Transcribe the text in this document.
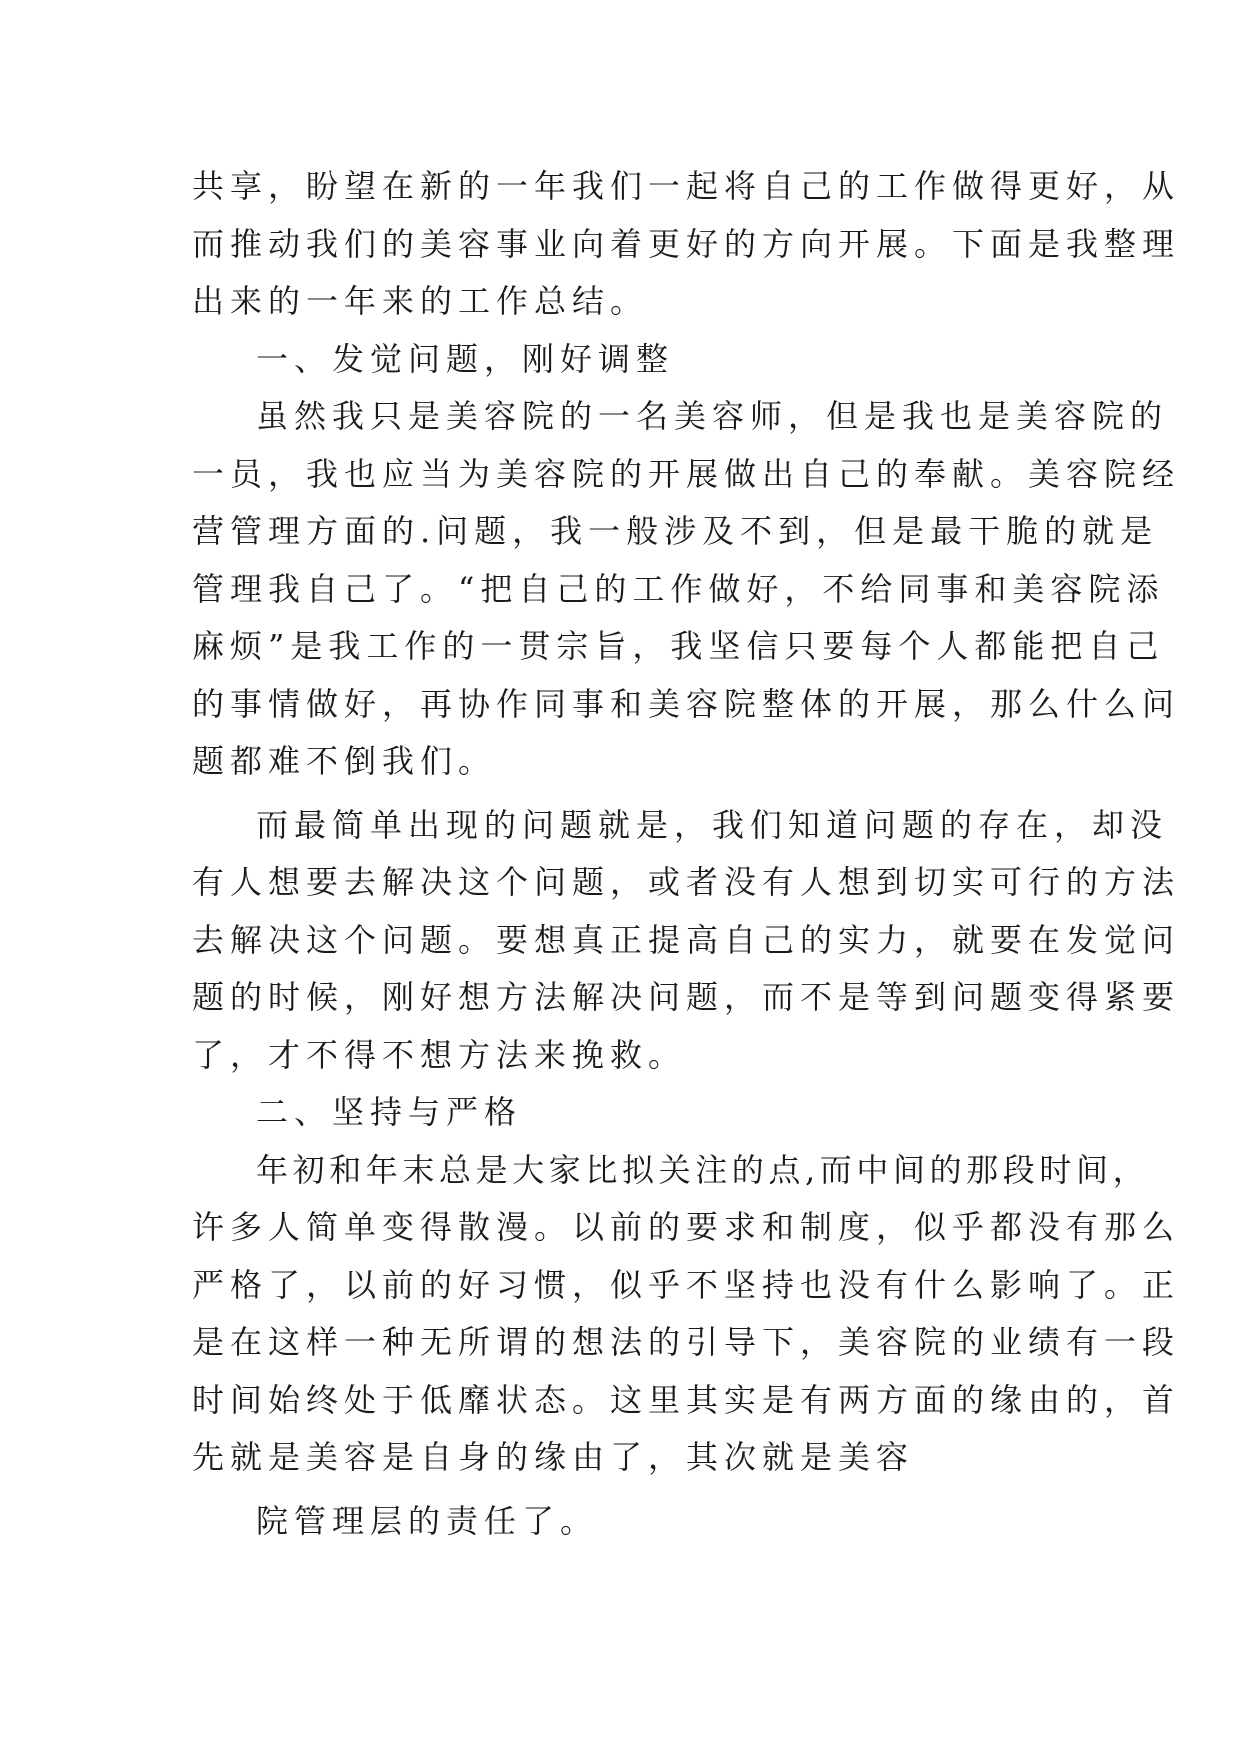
共享，盼望在新的一年我们一起将自己的工作做得更好，从
而推动我们的美容事业向着更好的方向开展。下面是我整理
出来的一年来的工作总结。
一、发觉问题，刚好调整
虽然我只是美容院的一名美容师，但是我也是美容院的
一员，我也应当为美容院的开展做出自己的奉献。美容院经
营管理方面的.问题，我一般涉及不到，但是最干脆的就是
管理我自己了。“把自己的工作做好，不给同事和美容院添
麻烦”是我工作的一贯宗旨，我坚信只要每个人都能把自己
的事情做好，再协作同事和美容院整体的开展，那么什么问
题都难不倒我们。
而最简单出现的问题就是，我们知道问题的存在，却没
有人想要去解决这个问题，或者没有人想到切实可行的方法
去解决这个问题。要想真正提高自己的实力，就要在发觉问
题的时候，刚好想方法解决问题，而不是等到问题变得紧要
了，才不得不想方法来挽救。
二、坚持与严格
年初和年末总是大家比拟关注的点,而中间的那段时间，
许多人简单变得散漫。以前的要求和制度，似乎都没有那么
严格了，以前的好习惯，似乎不坚持也没有什么影响了。正
是在这样一种无所谓的想法的引导下，美容院的业绩有一段
时间始终处于低靡状态。这里其实是有两方面的缘由的，首
先就是美容是自身的缘由了，其次就是美容
院管理层的责任了。
